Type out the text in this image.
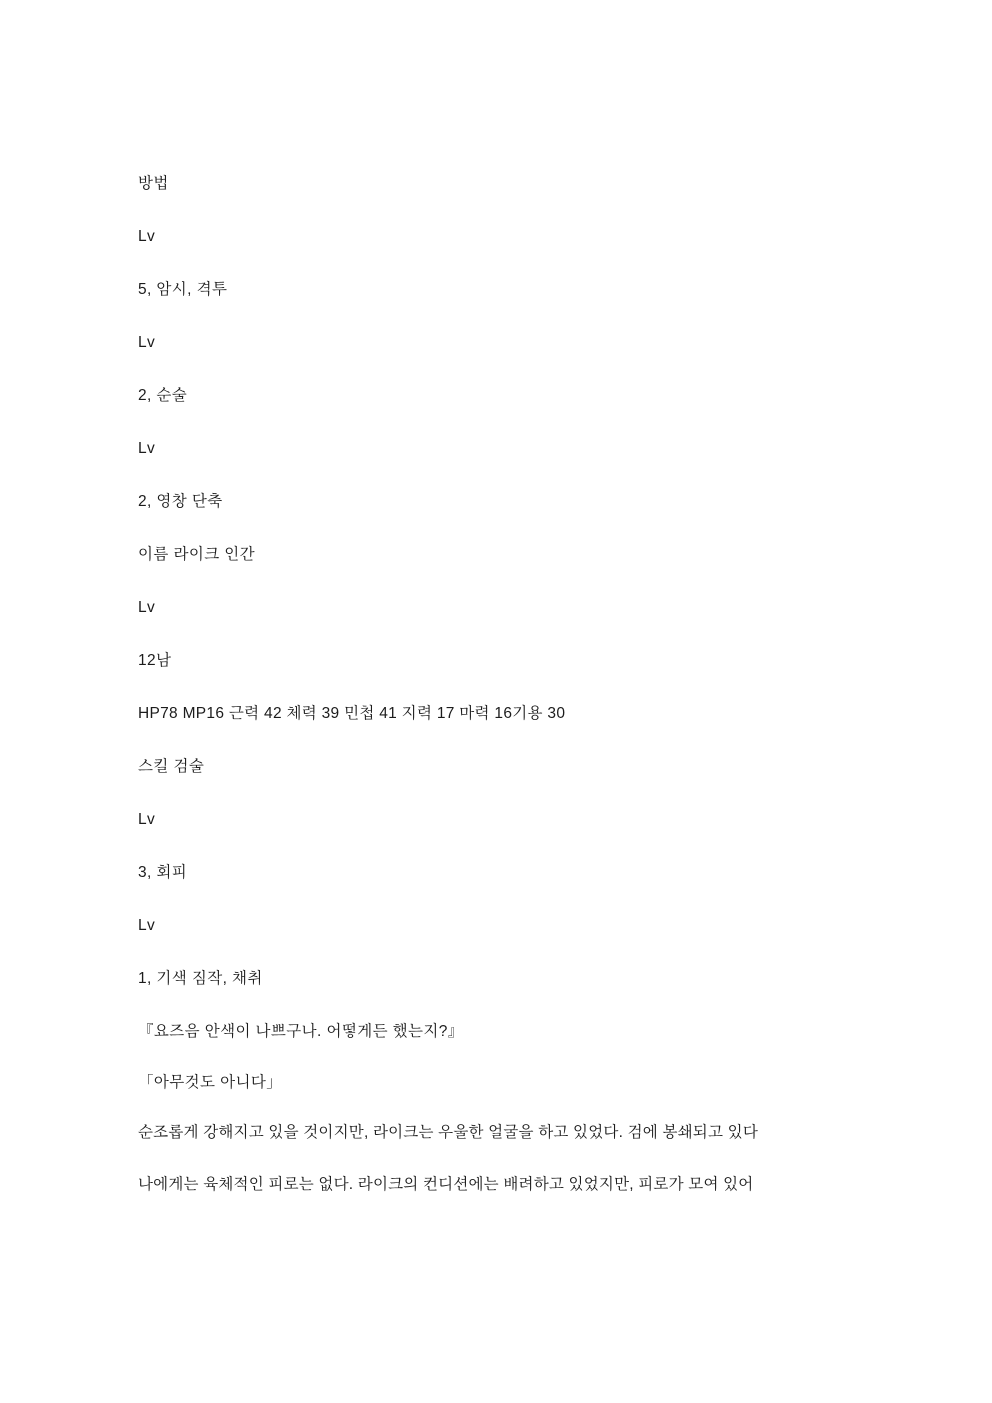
방법

Lv

5, 암시, 격투

Lv

2, 순술

Lv

2, 영창 단축

이름 라이크 인간

Lv

12남

HP78 MP16 근력 42 체력 39 민첩 41 지력 17 마력 16기용 30

스킬 검술

Lv

3, 회피

Lv

1, 기색 짐작, 채취

『요즈음 안색이 나쁘구나. 어떻게든 했는지?』

「아무것도 아니다」

순조롭게 강해지고 있을 것이지만, 라이크는 우울한 얼굴을 하고 있었다. 검에 봉쇄되고 있다

나에게는 육체적인 피로는 없다. 라이크의 컨디션에는 배려하고 있었지만, 피로가 모여 있어
